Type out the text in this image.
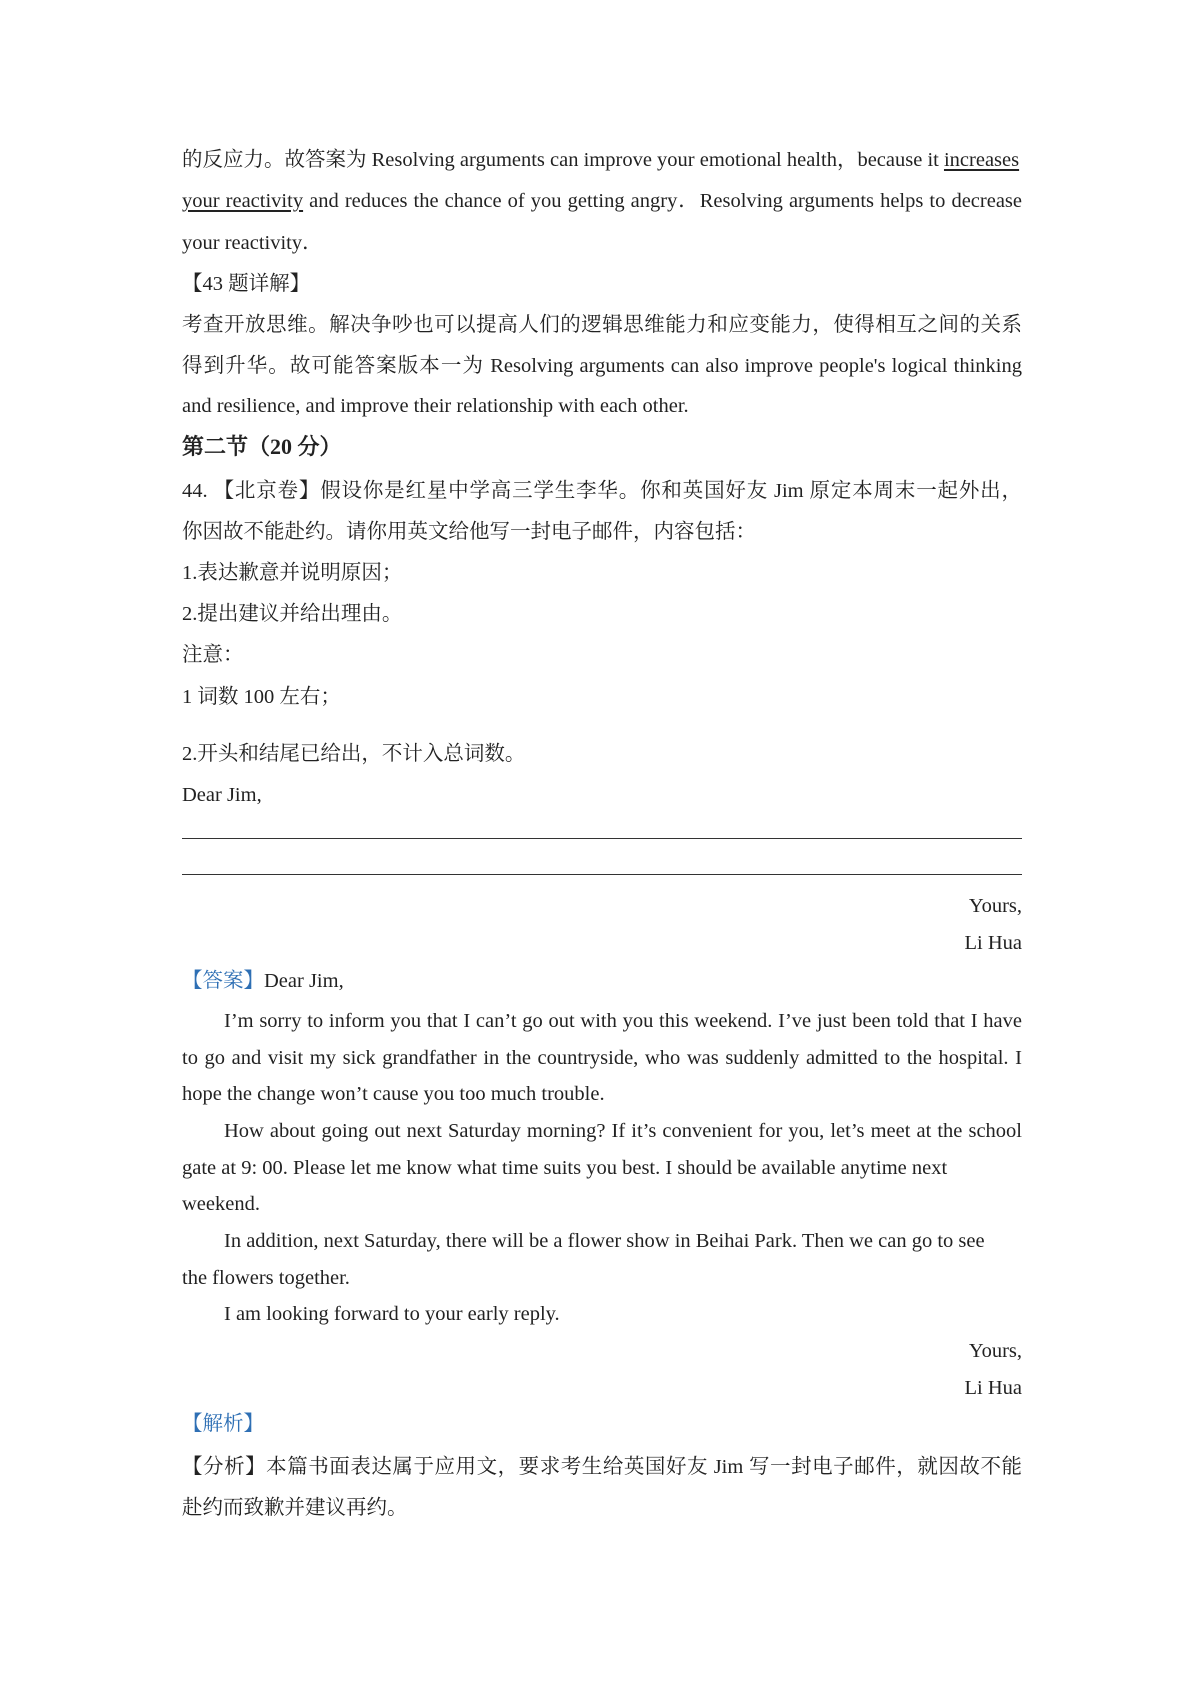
的反应力。故答案为 Resolving arguments can improve your emotional health，because it increases
your reactivity and reduces the chance of you getting angry．Resolving arguments helps to decrease
your reactivity．
【43 题详解】
考查开放思维。解决争吵也可以提高人们的逻辑思维能力和应变能力，使得相互之间的关系
得到升华。故可能答案版本一为 Resolving arguments can also improve people's logical thinking
and resilience, and improve their relationship with each other.
第二节（20 分）
44. 【北京卷】假设你是红星中学高三学生李华。你和英国好友 Jim 原定本周末一起外出，
你因故不能赴约。请你用英文给他写一封电子邮件，内容包括：
1.表达歉意并说明原因；
2.提出建议并给出理由。
注意：
1 词数 100 左右；
2.开头和结尾已给出，不计入总词数。
Dear Jim,
Yours,
Li Hua
【答案】Dear Jim,
I’m sorry to inform you that I can’t go out with you this weekend. I’ve just been told that I have
to go and visit my sick grandfather in the countryside, who was suddenly admitted to the hospital. I
hope the change won’t cause you too much trouble.
How about going out next Saturday morning? If it’s convenient for you, let’s meet at the school
gate at 9: 00. Please let me know what time suits you best. I should be available anytime next
weekend.
In addition, next Saturday, there will be a flower show in Beihai Park. Then we can go to see
the flowers together.
I am looking forward to your early reply.
Yours,
Li Hua
【解析】
【分析】本篇书面表达属于应用文，要求考生给英国好友 Jim 写一封电子邮件，就因故不能
赴约而致歉并建议再约。
